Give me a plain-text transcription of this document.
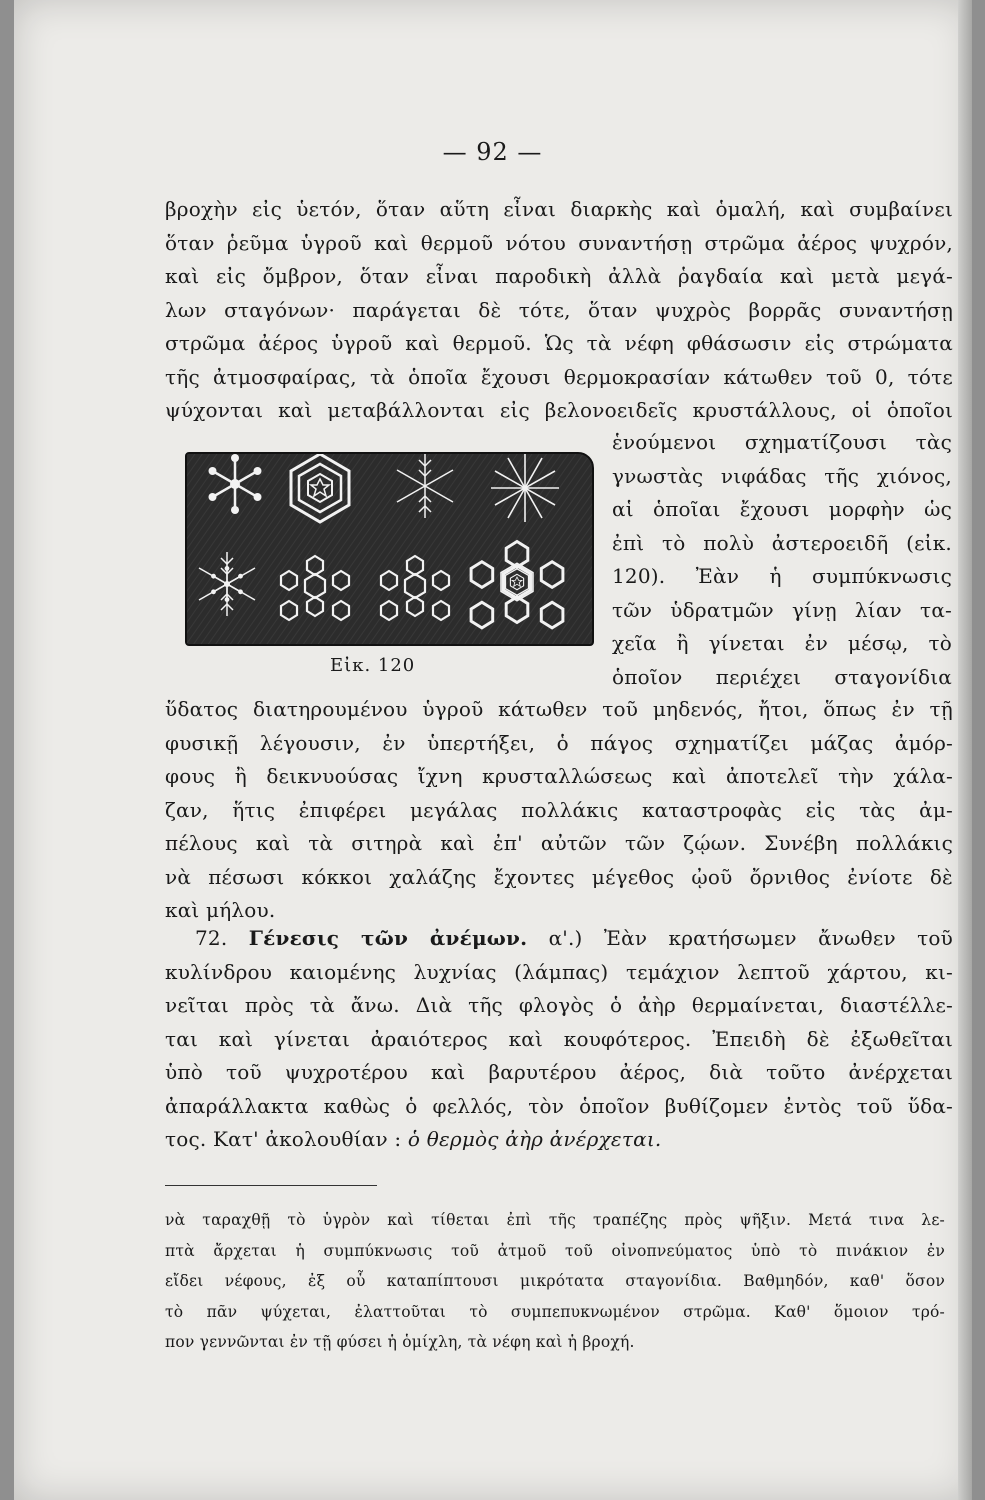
— 92 —
βροχὴν εἰς ὑετόν, ὅταν αὕτη εἶναι διαρκὴς καὶ ὁμαλή, καὶ συμβαίνει
ὅταν ῥεῦμα ὑγροῦ καὶ θερμοῦ νότου συναντήσῃ στρῶμα ἀέρος ψυχρόν,
καὶ εἰς ὄμβρον, ὅταν εἶναι παροδικὴ ἀλλὰ ῥαγδαία καὶ μετὰ μεγά-
λων σταγόνων· παράγεται δὲ τότε, ὅταν ψυχρὸς βορρᾶς συναντήσῃ
στρῶμα ἀέρος ὑγροῦ καὶ θερμοῦ. Ὡς τὰ νέφη φθάσωσιν εἰς στρώματα
τῆς ἀτμοσφαίρας, τὰ ὁποῖα ἔχουσι θερμοκρασίαν κάτωθεν τοῦ 0, τότε
ψύχονται καὶ μεταβάλλονται εἰς βελονοειδεῖς κρυστάλλους, οἱ ὁποῖοι
Εἰκ. 120
ἑνούμενοι σχηματίζουσι τὰς
γνωστὰς νιφάδας τῆς χιόνος,
αἱ ὁποῖαι ἔχουσι μορφὴν ὡς
ἐπὶ τὸ πολὺ ἀστεροειδῆ (εἰκ.
120). Ἐὰν ἡ συμπύκνωσις
τῶν ὑδρατμῶν γίνῃ λίαν τα-
χεῖα ἢ γίνεται ἐν μέσῳ, τὸ
ὁποῖον περιέχει σταγονίδια
ὕδατος διατηρουμένου ὑγροῦ κάτωθεν τοῦ μηδενός, ἤτοι, ὅπως ἐν τῇ
φυσικῇ λέγουσιν, ἐν ὑπερτήξει, ὁ πάγος σχηματίζει μάζας ἀμόρ-
φους ἢ δεικνυούσας ἴχνη κρυσταλλώσεως καὶ ἀποτελεῖ τὴν χάλα-
ζαν, ἥτις ἐπιφέρει μεγάλας πολλάκις καταστροφὰς εἰς τὰς ἀμ-
πέλους καὶ τὰ σιτηρὰ καὶ ἐπ' αὐτῶν τῶν ζῴων. Συνέβη πολλάκις
νὰ πέσωσι κόκκοι χαλάζης ἔχοντες μέγεθος ᾠοῦ ὄρνιθος ἐνίοτε δὲ
καὶ μήλου.
72. Γένεσις τῶν ἀνέμων. α'.) Ἐὰν κρατήσωμεν ἄνωθεν τοῦ
κυλίνδρου καιομένης λυχνίας (λάμπας) τεμάχιον λεπτοῦ χάρτου, κι-
νεῖται πρὸς τὰ ἄνω. Διὰ τῆς φλογὸς ὁ ἀὴρ θερμαίνεται, διαστέλλε-
ται καὶ γίνεται ἀραιότερος καὶ κουφότερος. Ἐπειδὴ δὲ ἐξωθεῖται
ὑπὸ τοῦ ψυχροτέρου καὶ βαρυτέρου ἀέρος, διὰ τοῦτο ἀνέρχεται
ἀπαράλλακτα καθὼς ὁ φελλός, τὸν ὁποῖον βυθίζομεν ἐντὸς τοῦ ὕδα-
τος. Κατ' ἀκολουθίαν : ὁ θερμὸς ἀὴρ ἀνέρχεται.
νὰ ταραχθῇ τὸ ὑγρὸν καὶ τίθεται ἐπὶ τῆς τραπέζης πρὸς ψῆξιν. Μετά τινα λε-
πτὰ ἄρχεται ἡ συμπύκνωσις τοῦ ἀτμοῦ τοῦ οἰνοπνεύματος ὑπὸ τὸ πινάκιον ἐν
εἴδει νέφους, ἐξ οὗ καταπίπτουσι μικρότατα σταγονίδια. Βαθμηδόν, καθ' ὅσον
τὸ πᾶν ψύχεται, ἐλαττοῦται τὸ συμπεπυκνωμένον στρῶμα. Καθ' ὅμοιον τρό-
πον γεννῶνται ἐν τῇ φύσει ἡ ὁμίχλη, τὰ νέφη καὶ ἡ βροχή.
